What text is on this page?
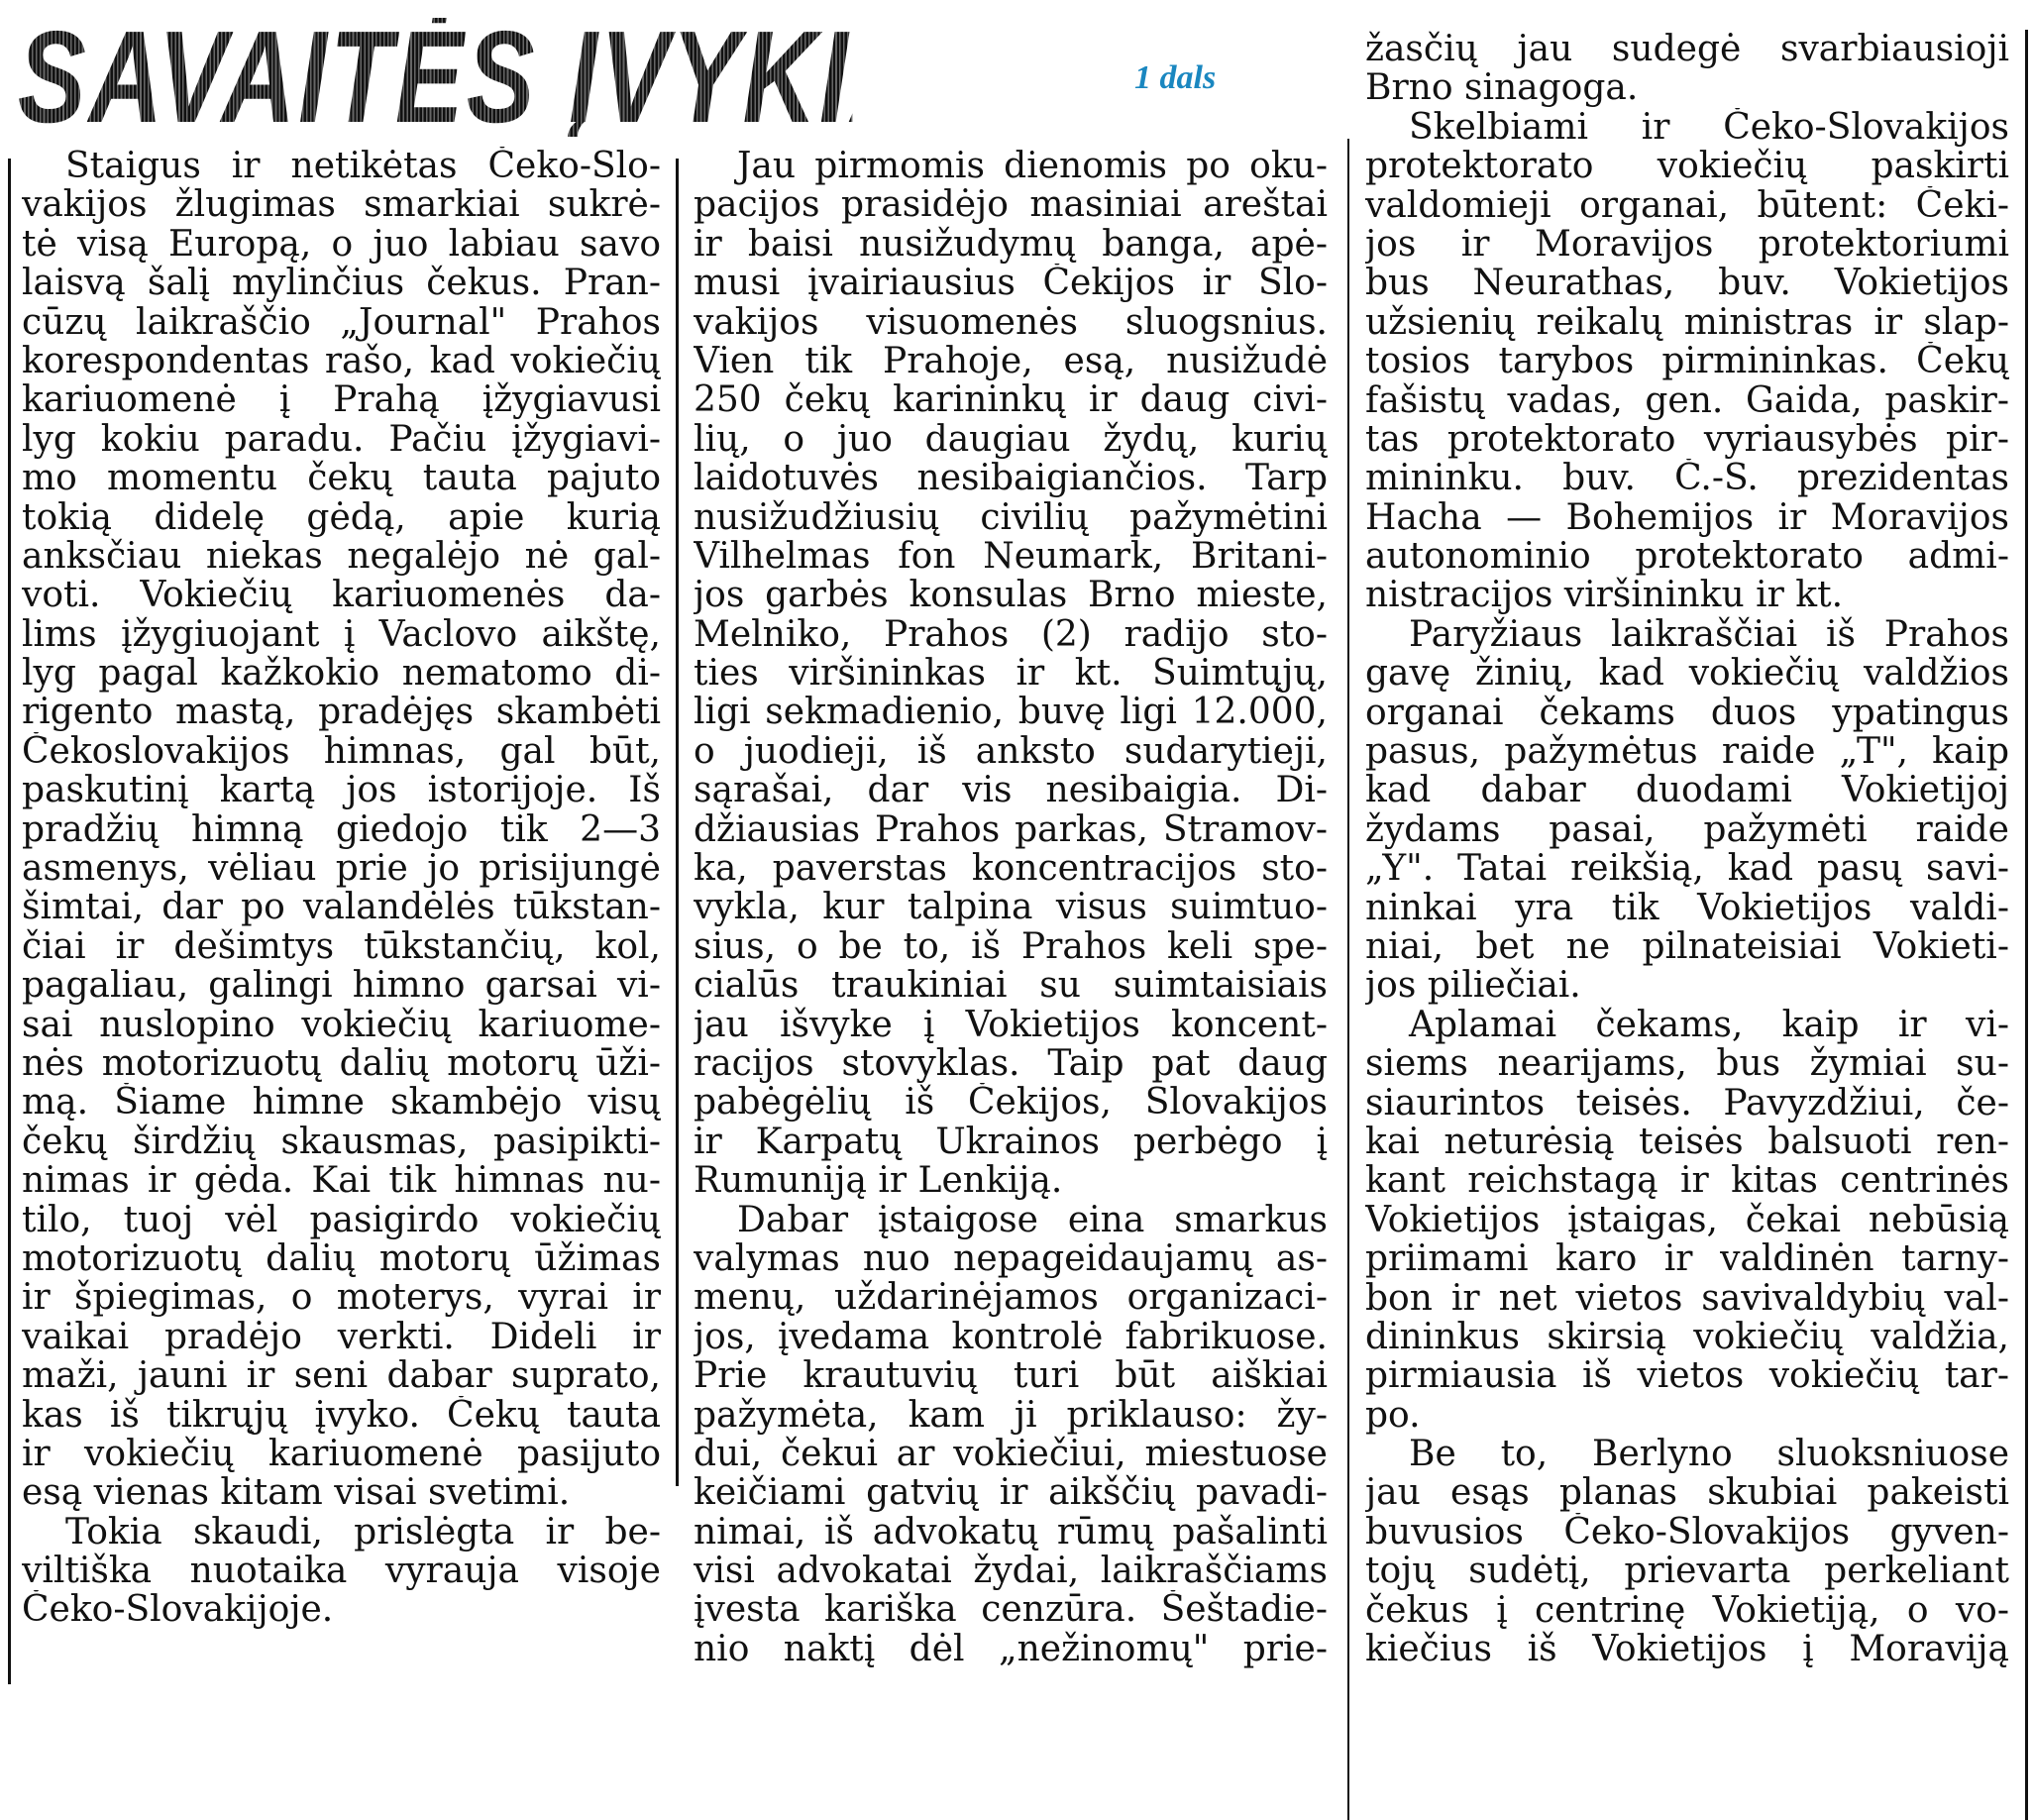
SAVAITĖS ĮVYKIAI	1 dals
Staigus ir netikėtas Čeko-Slo-
vakijos žlugimas smarkiai sukrė-
tė visą Europą, o juo labiau savo
laisvą šalį mylinčius čekus. Pran-
cūzų laikraščio „Journal" Prahos
korespondentas rašo, kad vokiečių
kariuomenė į Prahą įžygiavusi
lyg kokiu paradu. Pačiu įžygiavi-
mo momentu čekų tauta pajuto
tokią didelę gėdą, apie kurią
anksčiau niekas negalėjo nė gal-
voti. Vokiečių kariuomenės da-
lims įžygiuojant į Vaclovo aikštę,
lyg pagal kažkokio nematomo di-
rigento mastą, pradėjęs skambėti
Čekoslovakijos himnas, gal būt,
paskutinį kartą jos istorijoje. Iš
pradžių himną giedojo tik 2—3
asmenys, vėliau prie jo prisijungė
šimtai, dar po valandėlės tūkstan-
čiai ir dešimtys tūkstančių, kol,
pagaliau, galingi himno garsai vi-
sai nuslopino vokiečių kariuome-
nės motorizuotų dalių motorų ūži-
mą. Šiame himne skambėjo visų
čekų širdžių skausmas, pasipikti-
nimas ir gėda. Kai tik himnas nu-
tilo, tuoj vėl pasigirdo vokiečių
motorizuotų dalių motorų ūžimas
ir špiegimas, o moterys, vyrai ir
vaikai pradėjo verkti. Dideli ir
maži, jauni ir seni dabar suprato,
kas iš tikrųjų įvyko. Čekų tauta
ir vokiečių kariuomenė pasijuto
esą vienas kitam visai svetimi.
Tokia skaudi, prislėgta ir be-
viltiška nuotaika vyrauja visoje
Čeko-Slovakijoje.
Jau pirmomis dienomis po oku-
pacijos prasidėjo masiniai areštai
ir baisi nusižudymų banga, apė-
musi įvairiausius Čekijos ir Slo-
vakijos visuomenės sluogsnius.
Vien tik Prahoje, esą, nusižudė
250 čekų karininkų ir daug civi-
lių, o juo daugiau žydų, kurių
laidotuvės nesibaigiančios. Tarp
nusižudžiusių civilių pažymėtini
Vilhelmas fon Neumark, Britani-
jos garbės konsulas Brno mieste,
Melniko, Prahos (2) radijo sto-
ties viršininkas ir kt. Suimtųjų,
ligi sekmadienio, buvę ligi 12.000,
o juodieji, iš anksto sudarytieji,
sąrašai, dar vis nesibaigia. Di-
džiausias Prahos parkas, Stramov-
ka, paverstas koncentracijos sto-
vykla, kur talpina visus suimtuo-
sius, o be to, iš Prahos keli spe-
cialūs traukiniai su suimtaisiais
jau išvyke į Vokietijos koncent-
racijos stovyklas. Taip pat daug
pabėgėlių iš Čekijos, Slovakijos
ir Karpatų Ukrainos perbėgo į
Rumuniją ir Lenkiją.
Dabar įstaigose eina smarkus
valymas nuo nepageidaujamų as-
menų, uždarinėjamos organizaci-
jos, įvedama kontrolė fabrikuose.
Prie krautuvių turi būt aiškiai
pažymėta, kam ji priklauso: žy-
dui, čekui ar vokiečiui, miestuose
keičiami gatvių ir aikščių pavadi-
nimai, iš advokatų rūmų pašalinti
visi advokatai žydai, laikraščiams
įvesta kariška cenzūra. Šeštadie-
nio naktį dėl „nežinomų" prie-
žasčių jau sudegė svarbiausioji
Brno sinagoga.
Skelbiami ir Čeko-Slovakijos
protektorato vokiečių paskirti
valdomieji organai, būtent: Čeki-
jos ir Moravijos protektoriumi
bus Neurathas, buv. Vokietijos
užsienių reikalų ministras ir slap-
tosios tarybos pirmininkas. Čekų
fašistų vadas, gen. Gaida, paskir-
tas protektorato vyriausybės pir-
mininku. buv. Č.-S. prezidentas
Hacha — Bohemijos ir Moravijos
autonominio protektorato admi-
nistracijos viršininku ir kt.
Paryžiaus laikraščiai iš Prahos
gavę žinių, kad vokiečių valdžios
organai čekams duos ypatingus
pasus, pažymėtus raide „T", kaip
kad dabar duodami Vokietijoj
žydams pasai, pažymėti raide
„Y". Tatai reikšią, kad pasų savi-
ninkai yra tik Vokietijos valdi-
niai, bet ne pilnateisiai Vokieti-
jos piliečiai.
Aplamai čekams, kaip ir vi-
siems nearijams, bus žymiai su-
siaurintos teisės. Pavyzdžiui, če-
kai neturėsią teisės balsuoti ren-
kant reichstagą ir kitas centrinės
Vokietijos įstaigas, čekai nebūsią
priimami karo ir valdinėn tarny-
bon ir net vietos savivaldybių val-
dininkus skirsią vokiečių valdžia,
pirmiausia iš vietos vokiečių tar-
po.
Be to, Berlyno sluoksniuose
jau esąs planas skubiai pakeisti
buvusios Čeko-Slovakijos gyven-
tojų sudėtį, prievarta perkeliant
čekus į centrinę Vokietiją, o vo-
kiečius iš Vokietijos į Moraviją
